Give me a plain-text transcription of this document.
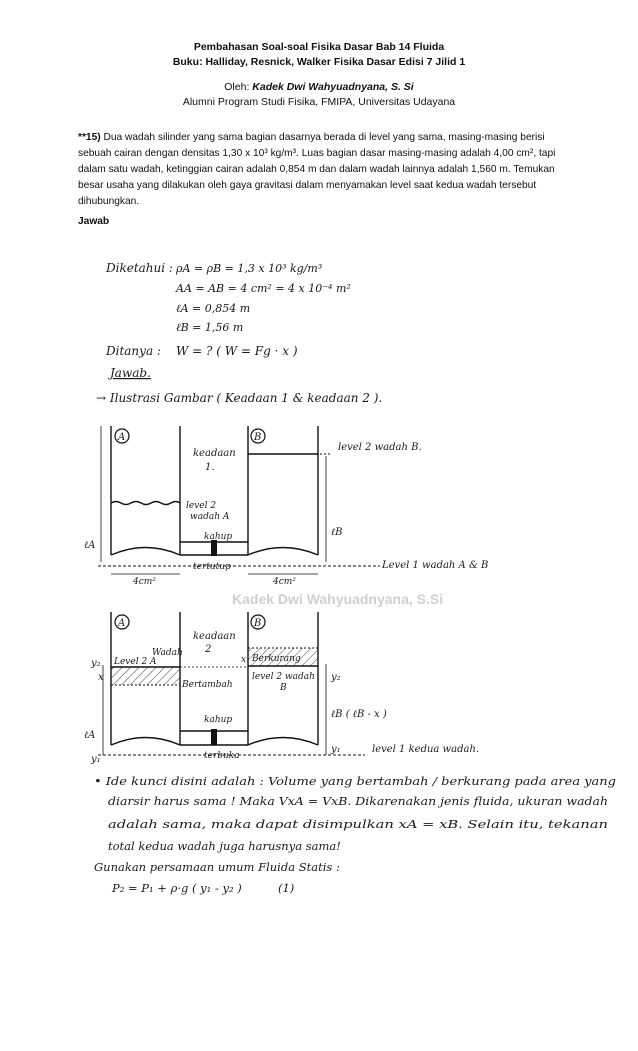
Pembahasan Soal-soal Fisika Dasar Bab 14 Fluida
Buku: Halliday, Resnick, Walker Fisika Dasar Edisi 7 Jilid 1
Oleh: Kadek Dwi Wahyuadnyana, S. Si
Alumni Program Studi Fisika, FMIPA, Universitas Udayana
**15) Dua wadah silinder yang sama bagian dasarnya berada di level yang sama, masing-masing berisi sebuah cairan dengan densitas 1,30 x 10³ kg/m³. Luas bagian dasar masing-masing adalah 4,00 cm², tapi dalam satu wadah, ketinggian cairan adalah 0,854 m dan dalam wadah lainnya adalah 1,560 m. Temukan besar usaha yang dilakukan oleh gaya gravitasi dalam menyamakan level saat kedua wadah tersebut dihubungkan.
Jawab
Diketahui : ρA = ρB = 1,3 x 10³ kg/m³
AA = AB = 4 cm² = 4 x 10⁻⁴ m²
ℓA = 0,854 m
ℓB = 1,56 m
Ditanya : W = ? ( W = Fg · x )
Jawab.
→ Ilustrasi Gambar ( Keadaan 1 & keadaan 2 ).
A	B
keadaan
1.
level 2 wadah B.
level 2
wadah A
kahup
tertutup
ℓB
ℓA
Level 1 wadah A & B
4cm²	4cm²
Kadek Dwi Wahyuadnyana, S.Si
A	B
keadaan
2
y₂
Wadah
Level 2 A
x
x
Bertambah
Berkurang
level 2 wadah
B
y₂
ℓB ( ℓB - x )
kahup
ℓA
y₁	terbuka
y₁	level 1 kedua wadah.
• Ide kunci disini adalah : Volume yang bertambah / berkurang pada area yang
diarsir harus sama ! Maka VxA = VxB. Dikarenakan jenis fluida, ukuran wadah
adalah sama, maka dapat disimpulkan xA = xB. Selain itu, tekanan
total kedua wadah juga harusnya sama!
Gunakan persamaan umum Fluida Statis :
P₂ = P₁ + ρ·g ( y₁ - y₂ )	(1)
